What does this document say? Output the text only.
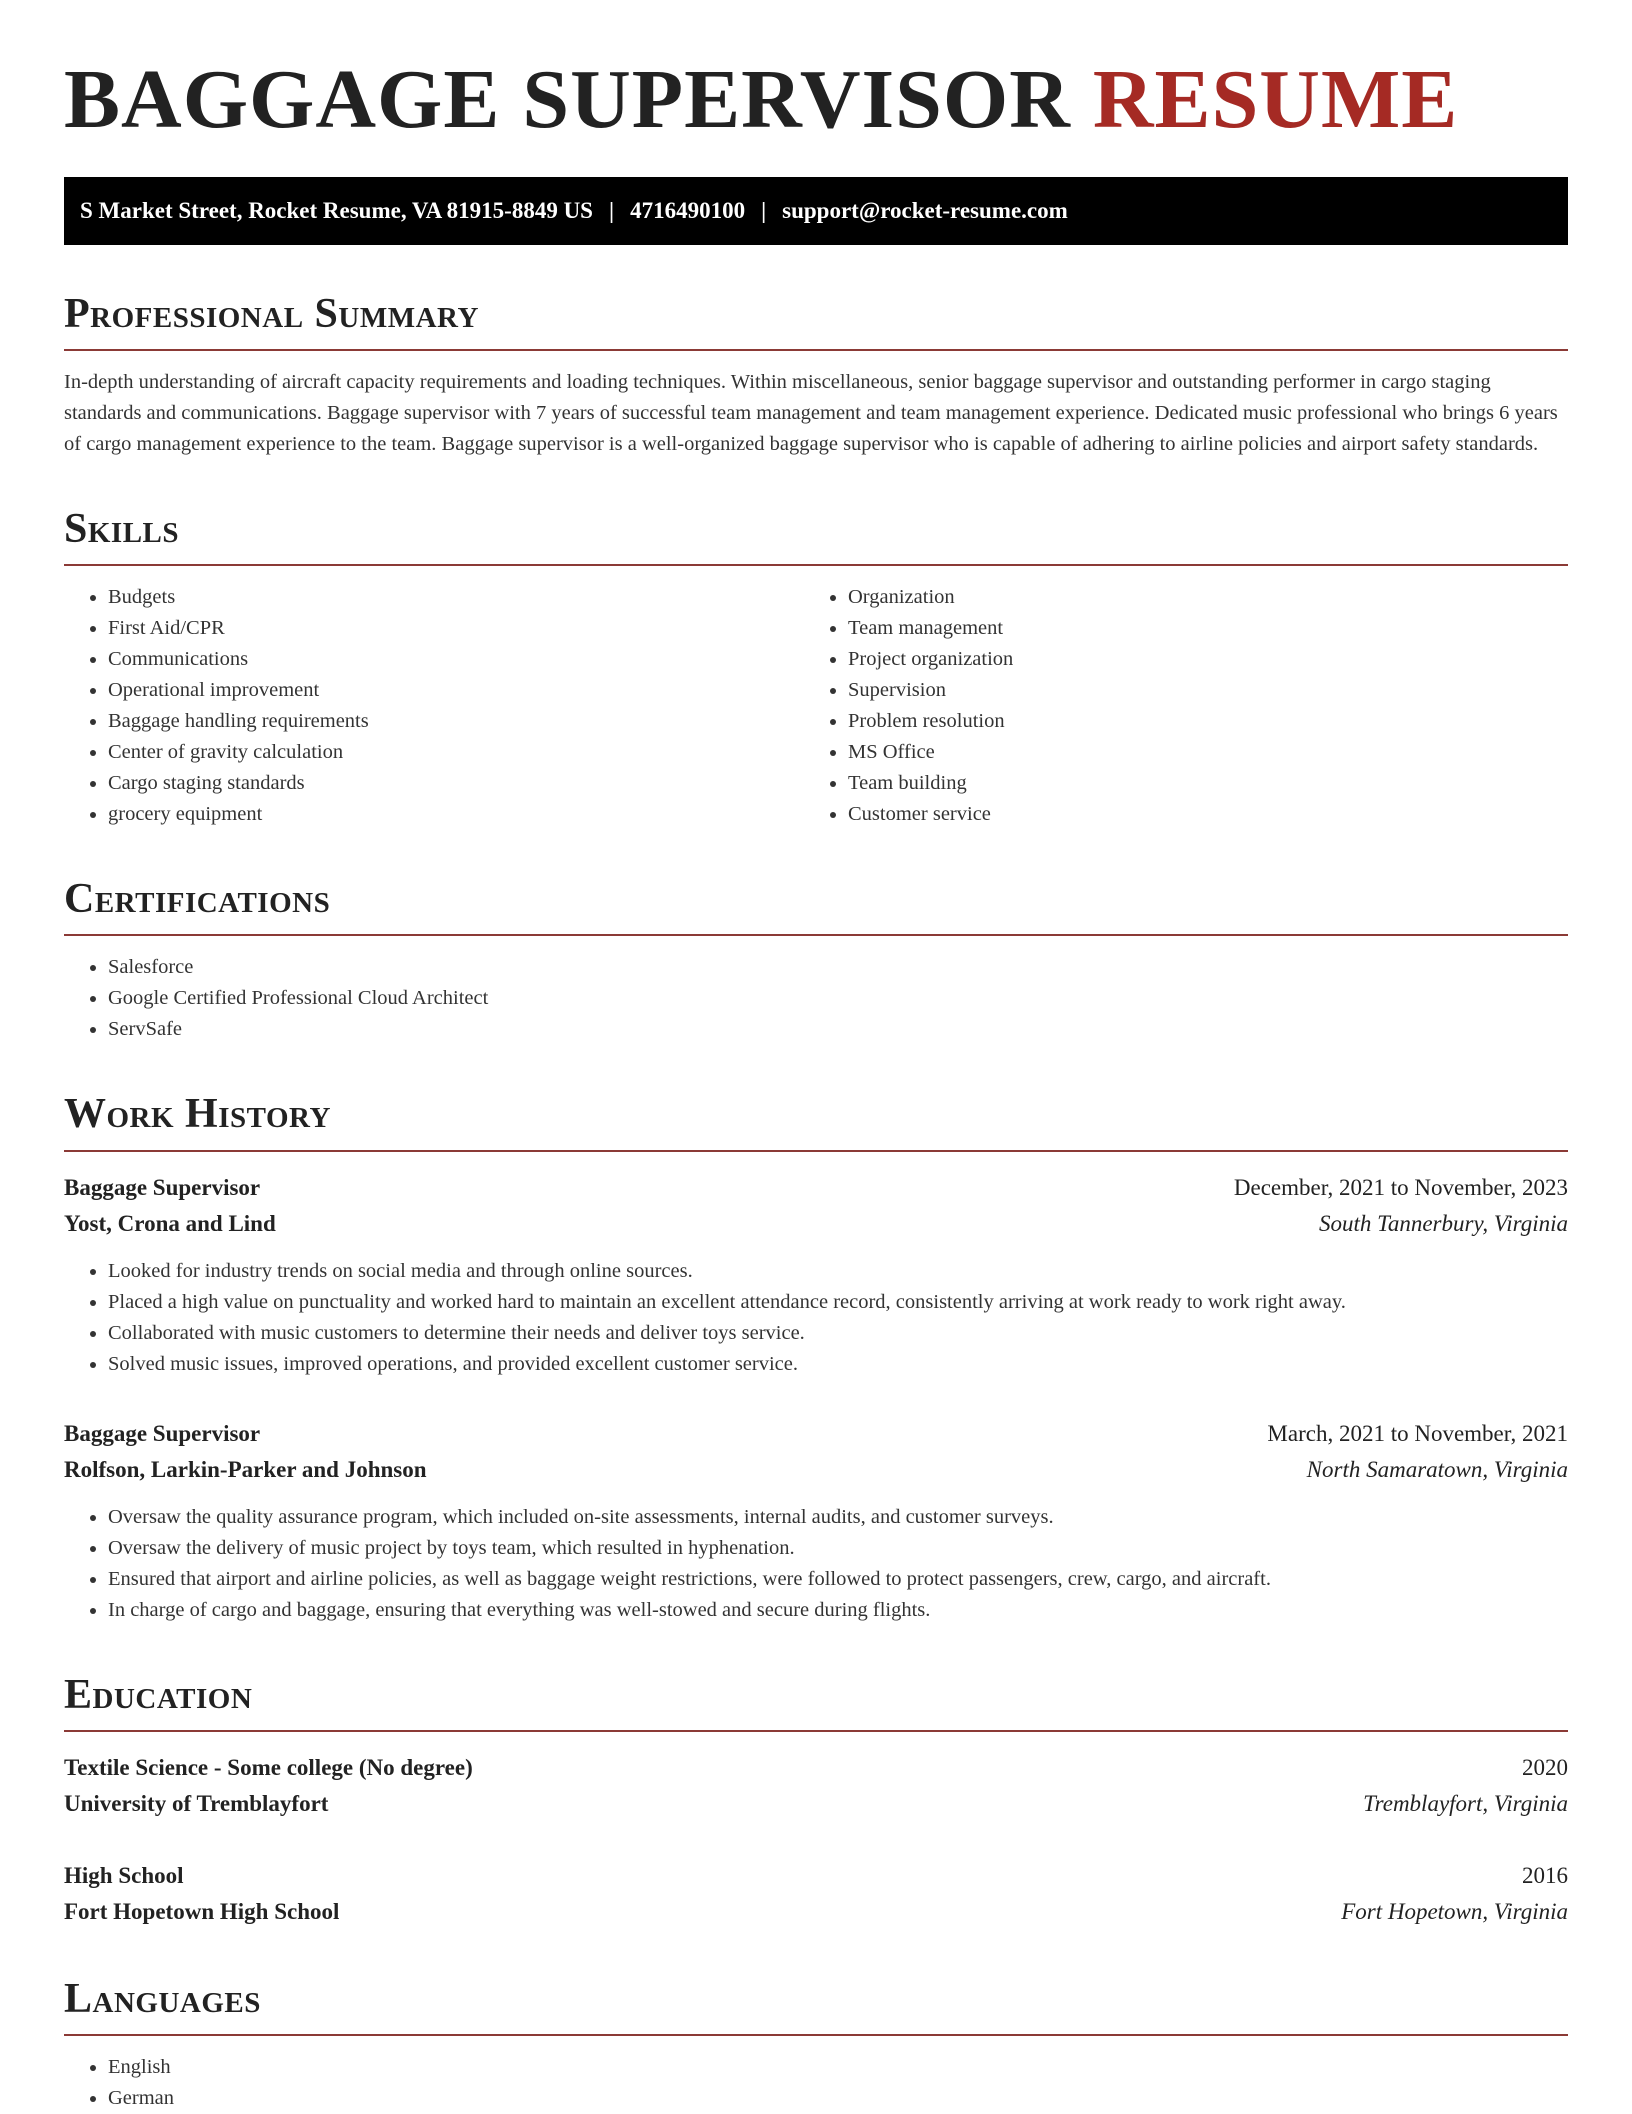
BAGGAGE SUPERVISOR RESUME
S Market Street, Rocket Resume, VA 81915-8849 US | 4716490100 | support@rocket-resume.com
Professional Summary

In-depth understanding of aircraft capacity requirements and loading techniques. Within miscellaneous, senior baggage supervisor and outstanding performer in cargo staging standards and communications. Baggage supervisor with 7 years of successful team management and team management experience. Dedicated music professional who brings 6 years of cargo management experience to the team. Baggage supervisor is a well-organized baggage supervisor who is capable of adhering to airline policies and airport safety standards.

Skills
• Budgets
• First Aid/CPR
• Communications
• Operational improvement
• Baggage handling requirements
• Center of gravity calculation
• Cargo staging standards
• grocery equipment
• Organization
• Team management
• Project organization
• Supervision
• Problem resolution
• MS Office
• Team building
• Customer service
Certifications
• Salesforce
• Google Certified Professional Cloud Architect
• ServSafe
Work History
Baggage Supervisor	December, 2021 to November, 2023
Yost, Crona and Lind	South Tannerbury, Virginia
• Looked for industry trends on social media and through online sources.
• Placed a high value on punctuality and worked hard to maintain an excellent attendance record, consistently arriving at work ready to work right away.
• Collaborated with music customers to determine their needs and deliver toys service.
• Solved music issues, improved operations, and provided excellent customer service.
Baggage Supervisor	March, 2021 to November, 2021
Rolfson, Larkin-Parker and Johnson	North Samaratown, Virginia
• Oversaw the quality assurance program, which included on-site assessments, internal audits, and customer surveys.
• Oversaw the delivery of music project by toys team, which resulted in hyphenation.
• Ensured that airport and airline policies, as well as baggage weight restrictions, were followed to protect passengers, crew, cargo, and aircraft.
• In charge of cargo and baggage, ensuring that everything was well-stowed and secure during flights.
Education
Textile Science - Some college (No degree)	2020
University of Tremblayfort	Tremblayfort, Virginia
High School	2016
Fort Hopetown High School	Fort Hopetown, Virginia
Languages
• English
• German
